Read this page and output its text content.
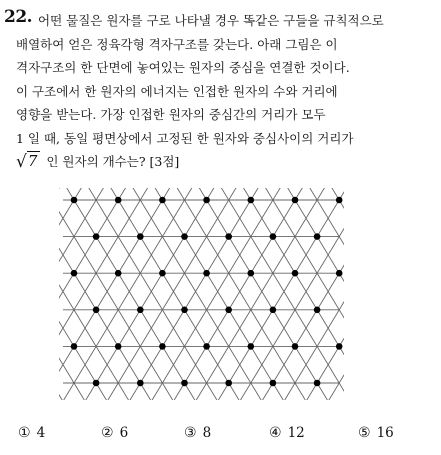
22. 어떤 물질은 원자를 구로 나타낼 경우 똑같은 구들을 규칙적으로
배열하여 얻은 정육각형 격자구조를 갖는다. 아래 그림은 이
격자구조의 한 단면에 놓여있는 원자의 중심을 연결한 것이다.
이 구조에서 한 원자의 에너지는 인접한 원자의 수와 거리에
영향을 받는다. 가장 인접한 원자의 중심간의 거리가 모두
1 일 때, 동일 평면상에서 고정된 한 원자와 중심사이의 거리가
√7 인 원자의 개수는? [3점]
① 4	② 6	③ 8	④ 12	⑤ 16
